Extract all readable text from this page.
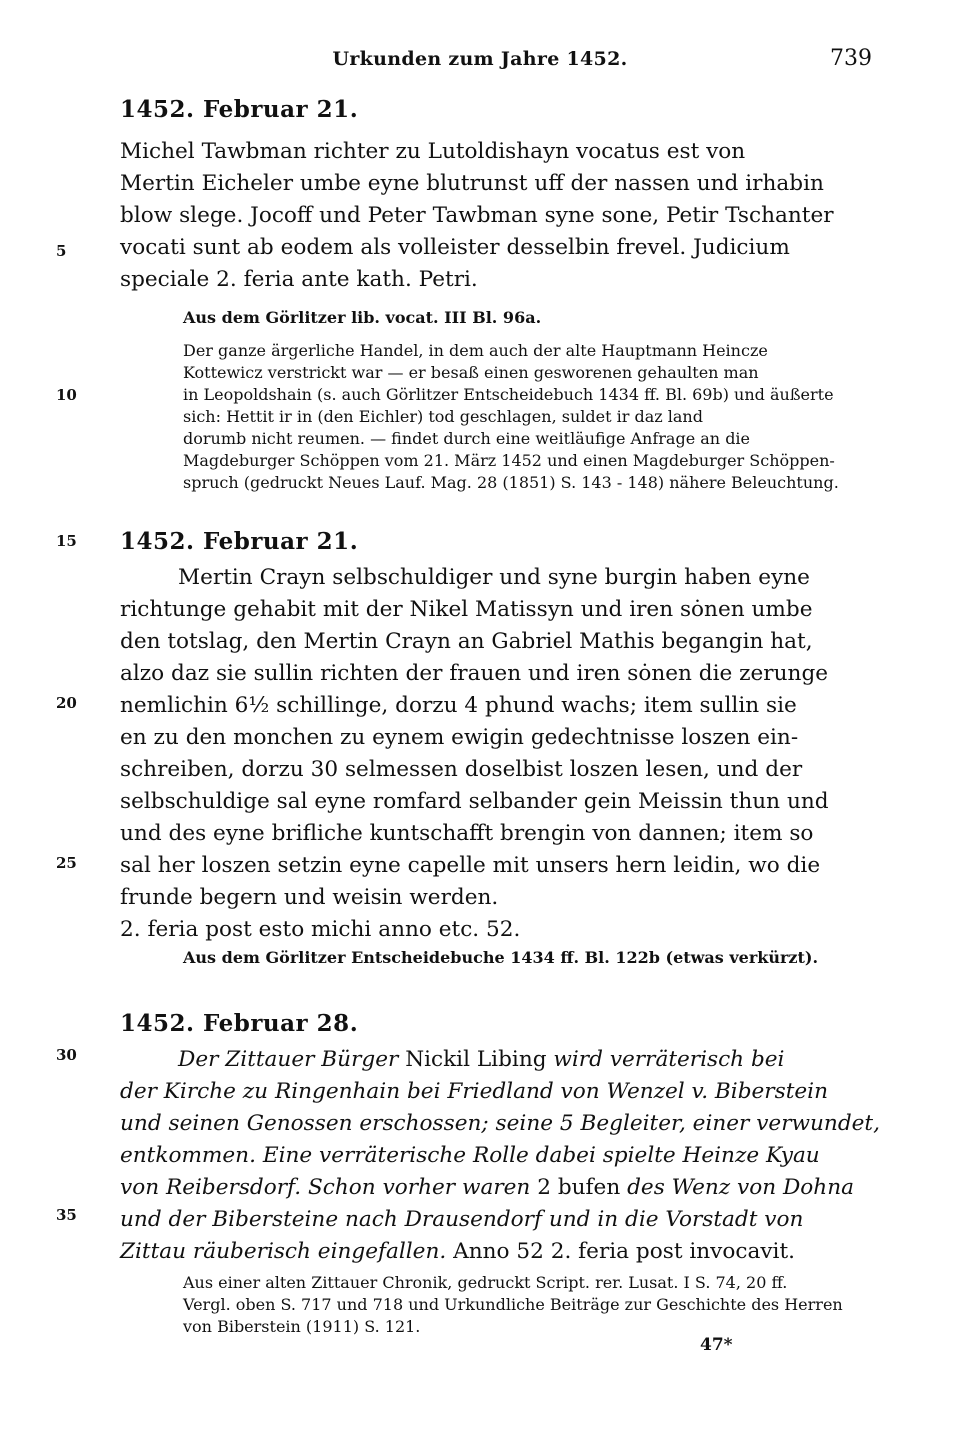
Urkunden zum Jahre 1452.	739
1452. Februar 21.
Michel Tawbman richter zu Lutoldishayn vocatus est von
Mertin Eicheler umbe eyne blutrunst uff der nassen und irhabin
blow slege. Jocoff und Peter Tawbman syne sone, Petir Tschanter
vocati sunt ab eodem als volleister desselbin frevel. Judicium
speciale 2. feria ante kath. Petri.
Aus dem Görlitzer lib. vocat. III Bl. 96a.
Der ganze ärgerliche Handel, in dem auch der alte Hauptmann Heincze
Kottewicz verstrickt war — er besaß einen gesworenen gehaulten man
in Leopoldshain (s. auch Görlitzer Entscheidebuch 1434 ff. Bl. 69b) und äußerte
sich: Hettit ir in (den Eichler) tod geschlagen, suldet ir daz land
dorumb nicht reumen. — findet durch eine weitläufige Anfrage an die
Magdeburger Schöppen vom 21. März 1452 und einen Magdeburger Schöppen-
spruch (gedruckt Neues Lauf. Mag. 28 (1851) S. 143 - 148) nähere Beleuchtung.
1452. Februar 21.
Mertin Crayn selbschuldiger und syne burgin haben eyne
richtunge gehabit mit der Nikel Matissyn und iren sȯnen umbe
den totslag, den Mertin Crayn an Gabriel Mathis begangin hat,
alzo daz sie sullin richten der frauen und iren sȯnen die zerunge
nemlichin 6½ schillinge, dorzu 4 phund wachs; item sullin sie
en zu den monchen zu eynem ewigin gedechtnisse loszen ein-
schreiben, dorzu 30 selmessen doselbist loszen lesen, und der
selbschuldige sal eyne romfard selbander gein Meissin thun und
und des eyne brifliche kuntschafft brengin von dannen; item so
sal her loszen setzin eyne capelle mit unsers hern leidin, wo die
frunde begern und weisin werden.
2. feria post esto michi anno etc. 52.
Aus dem Görlitzer Entscheidebuche 1434 ff. Bl. 122b (etwas verkürzt).
1452. Februar 28.
Der Zittauer Bürger Nickil Libing wird verräterisch bei
der Kirche zu Ringenhain bei Friedland von Wenzel v. Biberstein
und seinen Genossen erschossen; seine 5 Begleiter, einer verwundet,
entkommen. Eine verräterische Rolle dabei spielte Heinze Kyau
von Reibersdorf. Schon vorher waren 2 bufen des Wenz von Dohna
und der Bibersteine nach Drausendorf und in die Vorstadt von
Zittau räuberisch eingefallen. Anno 52 2. feria post invocavit.
Aus einer alten Zittauer Chronik, gedruckt Script. rer. Lusat. I S. 74, 20 ff.
Vergl. oben S. 717 und 718 und Urkundliche Beiträge zur Geschichte des Herren
von Biberstein (1911) S. 121.
5
10
15
20
25
30
35
47*
